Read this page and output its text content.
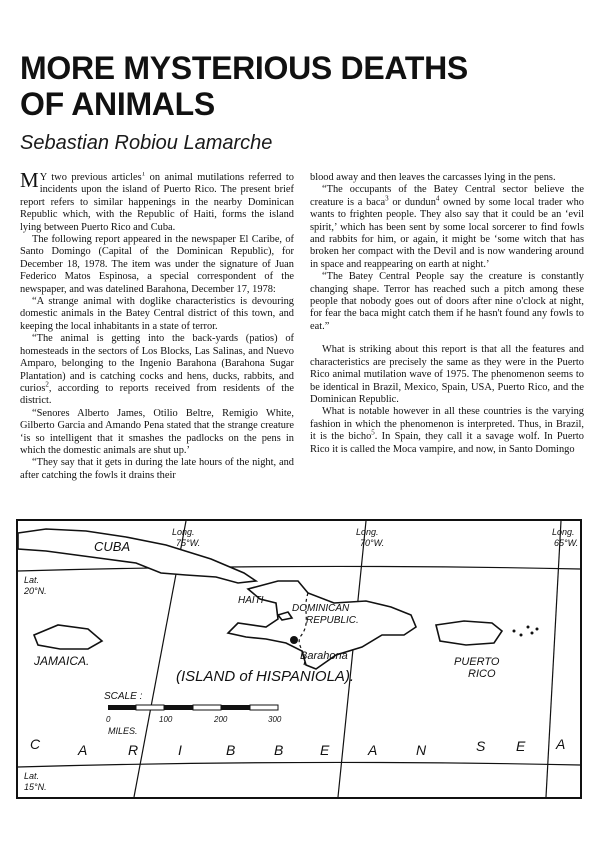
MORE MYSTERIOUS DEATHS
OF ANIMALS

Sebastian Robiou Lamarche

M Y two previous articles$^1$ on animal mutilations referred to incidents upon the island of Puerto Rico. The present brief report refers to similar happenings in the nearby Dominican Republic which, with the Republic of Haiti, forms the island lying between Puerto Rico and Cuba.

The following report appeared in the newspaper El Caribe, of Santo Domingo (Capital of the Dominican Republic), for December 18, 1978. The item was under the signature of Juan Federico Matos Espinosa, a special correspondent of the newspaper, and was datelined Barahona, December 17, 1978:

“A strange animal with doglike characteristics is devouring domestic animals in the Batey Central district of this town, and keeping the local inhabitants in a state of terror.

“The animal is getting into the back-yards (patios) of homesteads in the sectors of Los Blocks, Las Salinas, and Nuevo Amparo, belonging to the Ingenio Barahona (Barahona Sugar Plantation) and is catching cocks and hens, ducks, rabbits, and curios$^2$, according to reports received from residents of the district.

“Senores Alberto James, Otilio Beltre, Remigio White, Gilberto Garcia and Amando Pena stated that the strange creature ‘is so intelligent that it smashes the padlocks on the pens in which the domestic animals are shut up.’

“They say that it gets in during the late hours of the night, and after catching the fowls it drains their

blood away and then leaves the carcasses lying in the pens.

“The occupants of the Batey Central sector believe the creature is a baca$^3$ or dundun$^4$ owned by some local trader who wants to frighten people. They also say that it could be an ‘evil spirit,’ which has been sent by some local sorcerer to find fowls and rabbits for him, or again, it might be ‘some witch that has broken her compact with the Devil and is now wandering around in space and reappearing on earth at night.’

“The Batey Central People say the creature is constantly changing shape. Terror has reached such a pitch among these people that nobody goes out of doors after nine o'clock at night, for fear the baca might catch them if he hasn't found any fowls to eat.”

What is striking about this report is that all the features and characteristics are precisely the same as they were in the Puerto Rico animal mutilation wave of 1975. The phenomenon seems to be identical in Brazil, Mexico, Spain, USA, Puerto Rico, and the Dominican Republic.

What is notable however in all these countries is the varying fashion in which the phenomenon is interpreted. Thus, in Brazil, it is the bicho$^5$. In Spain, they call it a savage wolf. In Puerto Rico it is called the Moca vampire, and now, in Santo Domingo

CUBA
HAITI
DOMINICAN
REPUBLIC.
JAMAICA.	PUERTO
RICO
Barahona
(ISLAND of HISPANIOLA).
Long.
75°W.
Long.
70°W.
Long.
65°W.
Lat.
20°N.
Lat.
15°N.
SCALE :
0	100	200	300
MILES.
C	A	R	I	B	B	E	A	N	S E A
